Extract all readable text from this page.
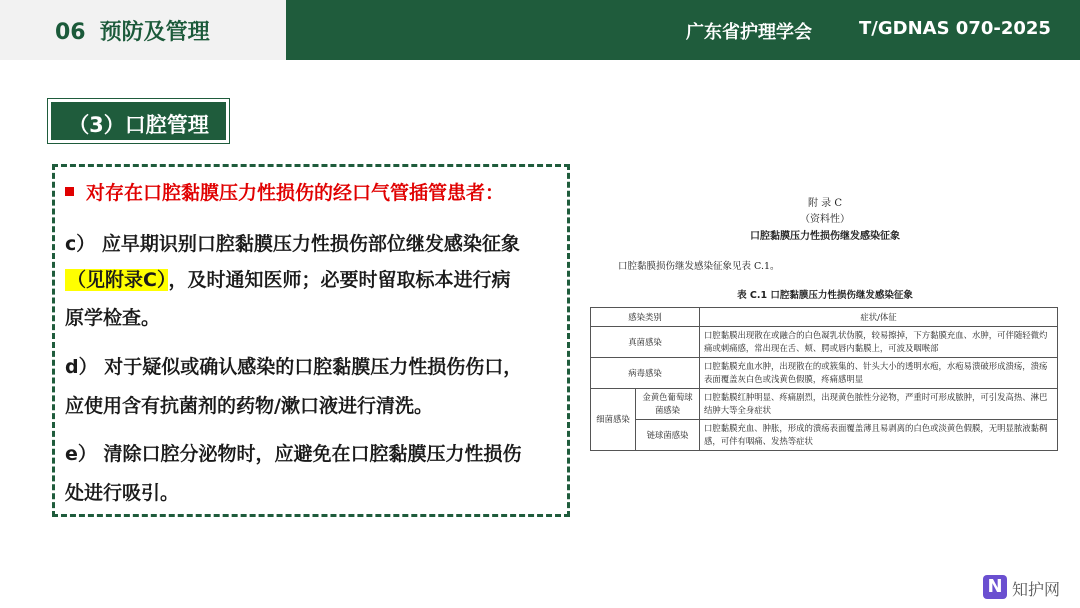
06 预防及管理	广东省护理学会	T/GDNAS 070-2025
（3）口腔管理
对存在口腔黏膜压力性损伤的经口气管插管患者：
c） 应早期识别口腔黏膜压力性损伤部位继发感染征象
（见附录C） ，及时通知医师；必要时留取标本进行病
原学检查。
d） 对于疑似或确认感染的口腔黏膜压力性损伤伤口，
应使用含有抗菌剂的药物/漱口液进行清洗。
e） 清除口腔分泌物时，应避免在口腔黏膜压力性损伤
处进行吸引。
附 录 C
（资料性）
口腔黏膜压力性损伤继发感染征象
口腔黏膜损伤继发感染征象见表 C.1。
表 C.1 口腔黏膜压力性损伤继发感染征象
感染类别		症状/体征
真菌感染		口腔黏膜出现散在或融合的白色凝乳状伪膜，较易擦掉，下方黏膜充血、水肿，可伴随轻微灼痛或刺痛感，常出现在舌、颊、腭或唇内黏膜上，可波及咽喉部
病毒感染		口腔黏膜充血水肿，出现散在的或簇集的、针头大小的透明水疱，水疱易溃破形成溃疡，溃疡表面覆盖灰白色或浅黄色假膜，疼痛感明显
细菌感染	金黄色葡萄球菌感染	口腔黏膜红肿明显、疼痛剧烈，出现黄色脓性分泌物，严重时可形成脓肿，可引发高热、淋巴结肿大等全身症状
	链球菌感染	口腔黏膜充血、肿胀，形成的溃疡表面覆盖薄且易剥离的白色或淡黄色假膜，无明显脓液黏稠感，可伴有咽痛、发热等症状
N 知护网
